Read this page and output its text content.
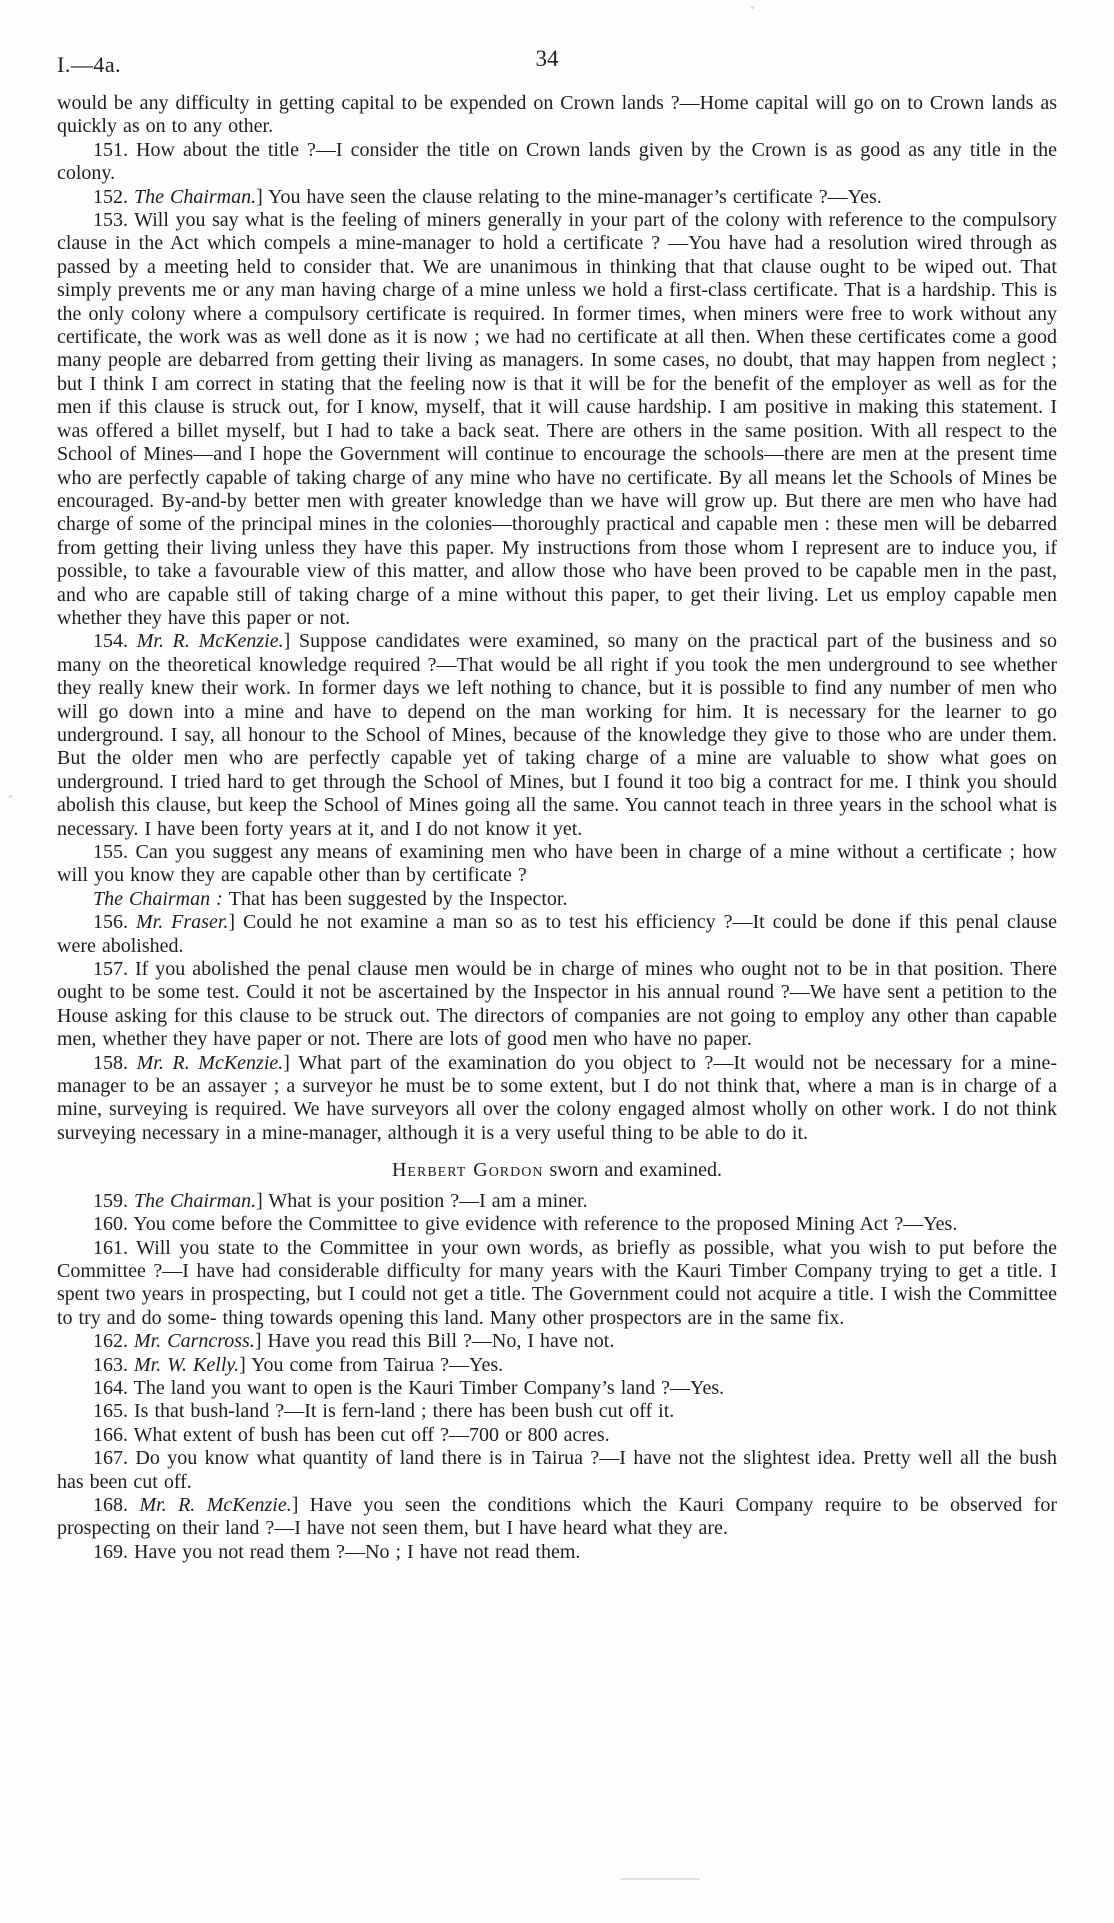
I.—4a.	34

would be any difficulty in getting capital to be expended on Crown lands ?—Home capital will go on to Crown lands as quickly as on to any other.

151. How about the title ?—I consider the title on Crown lands given by the Crown is as good as any title in the colony.

152. The Chairman.] You have seen the clause relating to the mine-manager’s certificate ?—Yes.

153. Will you say what is the feeling of miners generally in your part of the colony with reference to the compulsory clause in the Act which compels a mine-manager to hold a certificate ? —You have had a resolution wired through as passed by a meeting held to consider that. We are unanimous in thinking that that clause ought to be wiped out. That simply prevents me or any man having charge of a mine unless we hold a first-class certificate. That is a hardship. This is the only colony where a compulsory certificate is required. In former times, when miners were free to work without any certificate, the work was as well done as it is now ; we had no certificate at all then. When these certificates come a good many people are debarred from getting their living as managers. In some cases, no doubt, that may happen from neglect ; but I think I am correct in stating that the feeling now is that it will be for the benefit of the employer as well as for the men if this clause is struck out, for I know, myself, that it will cause hardship. I am positive in making this statement. I was offered a billet myself, but I had to take a back seat. There are others in the same position. With all respect to the School of Mines—and I hope the Government will continue to encourage the schools—there are men at the present time who are perfectly capable of taking charge of any mine who have no certificate. By all means let the Schools of Mines be encouraged. By-and-by better men with greater knowledge than we have will grow up. But there are men who have had charge of some of the principal mines in the colonies—thoroughly practical and capable men : these men will be debarred from getting their living unless they have this paper. My instructions from those whom I represent are to induce you, if possible, to take a favourable view of this matter, and allow those who have been proved to be capable men in the past, and who are capable still of taking charge of a mine without this paper, to get their living. Let us employ capable men whether they have this paper or not.

154. Mr. R. McKenzie.] Suppose candidates were examined, so many on the practical part of the business and so many on the theoretical knowledge required ?—That would be all right if you took the men underground to see whether they really knew their work. In former days we left nothing to chance, but it is possible to find any number of men who will go down into a mine and have to depend on the man working for him. It is necessary for the learner to go underground. I say, all honour to the School of Mines, because of the knowledge they give to those who are under them. But the older men who are perfectly capable yet of taking charge of a mine are valuable to show what goes on underground. I tried hard to get through the School of Mines, but I found it too big a contract for me. I think you should abolish this clause, but keep the School of Mines going all the same. You cannot teach in three years in the school what is necessary. I have been forty years at it, and I do not know it yet.

155. Can you suggest any means of examining men who have been in charge of a mine without a certificate ; how will you know they are capable other than by certificate ?

The Chairman : That has been suggested by the Inspector.

156. Mr. Fraser.] Could he not examine a man so as to test his efficiency ?—It could be done if this penal clause were abolished.

157. If you abolished the penal clause men would be in charge of mines who ought not to be in that position. There ought to be some test. Could it not be ascertained by the Inspector in his annual round ?—We have sent a petition to the House asking for this clause to be struck out. The directors of companies are not going to employ any other than capable men, whether they have paper or not. There are lots of good men who have no paper.

158. Mr. R. McKenzie.] What part of the examination do you object to ?—It would not be necessary for a mine-manager to be an assayer ; a surveyor he must be to some extent, but I do not think that, where a man is in charge of a mine, surveying is required. We have surveyors all over the colony engaged almost wholly on other work. I do not think surveying necessary in a mine-manager, although it is a very useful thing to be able to do it.

Herbert Gordon sworn and examined.

159. The Chairman.] What is your position ?—I am a miner.

160. You come before the Committee to give evidence with reference to the proposed Mining Act ?—Yes.

161. Will you state to the Committee in your own words, as briefly as possible, what you wish to put before the Committee ?—I have had considerable difficulty for many years with the Kauri Timber Company trying to get a title. I spent two years in prospecting, but I could not get a title. The Government could not acquire a title. I wish the Committee to try and do some- thing towards opening this land. Many other prospectors are in the same fix.

162. Mr. Carncross.] Have you read this Bill ?—No, I have not.

163. Mr. W. Kelly.] You come from Tairua ?—Yes.

164. The land you want to open is the Kauri Timber Company’s land ?—Yes.

165. Is that bush-land ?—It is fern-land ; there has been bush cut off it.

166. What extent of bush has been cut off ?—700 or 800 acres.

167. Do you know what quantity of land there is in Tairua ?—I have not the slightest idea. Pretty well all the bush has been cut off.

168. Mr. R. McKenzie.] Have you seen the conditions which the Kauri Company require to be observed for prospecting on their land ?—I have not seen them, but I have heard what they are.

169. Have you not read them ?—No ; I have not read them.
